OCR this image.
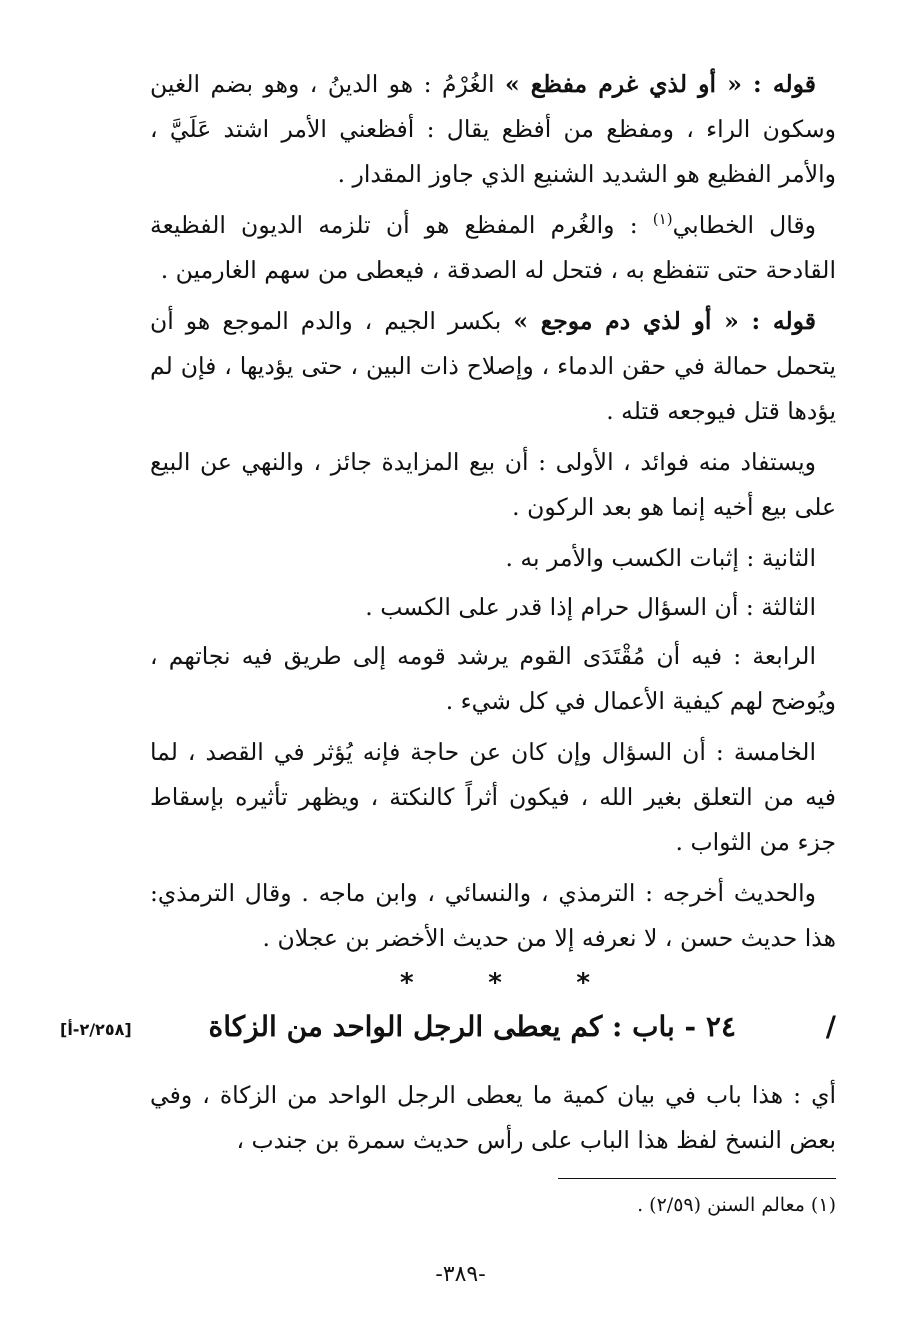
قوله : « أو لذي غرم مفظع » الغُرْمُ : هو الدينُ ، وهو بضم الغين وسكون الراء ، ومفظع من أفظع يقال : أفظعني الأمر اشتد عَلَيَّ ، والأمر الفظيع هو الشديد الشنيع الذي جاوز المقدار .

وقال الخطابي$^{(١)}$ : والغُرم المفظع هو أن تلزمه الديون الفظيعة القادحة حتى تتفظع به ، فتحل له الصدقة ، فيعطى من سهم الغارمين .

قوله : « أو لذي دم موجع » بكسر الجيم ، والدم الموجع هو أن يتحمل حمالة في حقن الدماء ، وإصلاح ذات البين ، حتى يؤديها ، فإن لم يؤدها قتل فيوجعه قتله .

ويستفاد منه فوائد ، الأولى : أن بيع المزايدة جائز ، والنهي عن البيع على بيع أخيه إنما هو بعد الركون .

الثانية : إثبات الكسب والأمر به .

الثالثة : أن السؤال حرام إذا قدر على الكسب .

الرابعة : فيه أن مُقْتَدَى القوم يرشد قومه إلى طريق فيه نجاتهم ، ويُوضح لهم كيفية الأعمال في كل شيء .

الخامسة : أن السؤال وإن كان عن حاجة فإنه يُؤثر في القصد ، لما فيه من التعلق بغير الله ، فيكون أثراً كالنكتة ، ويظهر تأثيره بإسقاط جزء من الثواب .

والحديث أخرجه : الترمذي ، والنسائي ، وابن ماجه . وقال الترمذي: هذا حديث حسن ، لا نعرفه إلا من حديث الأخضر بن عجلان .

*	*	*
/
٢٤ - باب : كم يعطى الرجل الواحد من الزكاة
[٢/٢٥٨-أ]
أي : هذا باب في بيان كمية ما يعطى الرجل الواحد من الزكاة ، وفي بعض النسخ لفظ هذا الباب على رأس حديث سمرة بن جندب ،
(١) معالم السنن (٢/٥٩) .
-٣٨٩-
